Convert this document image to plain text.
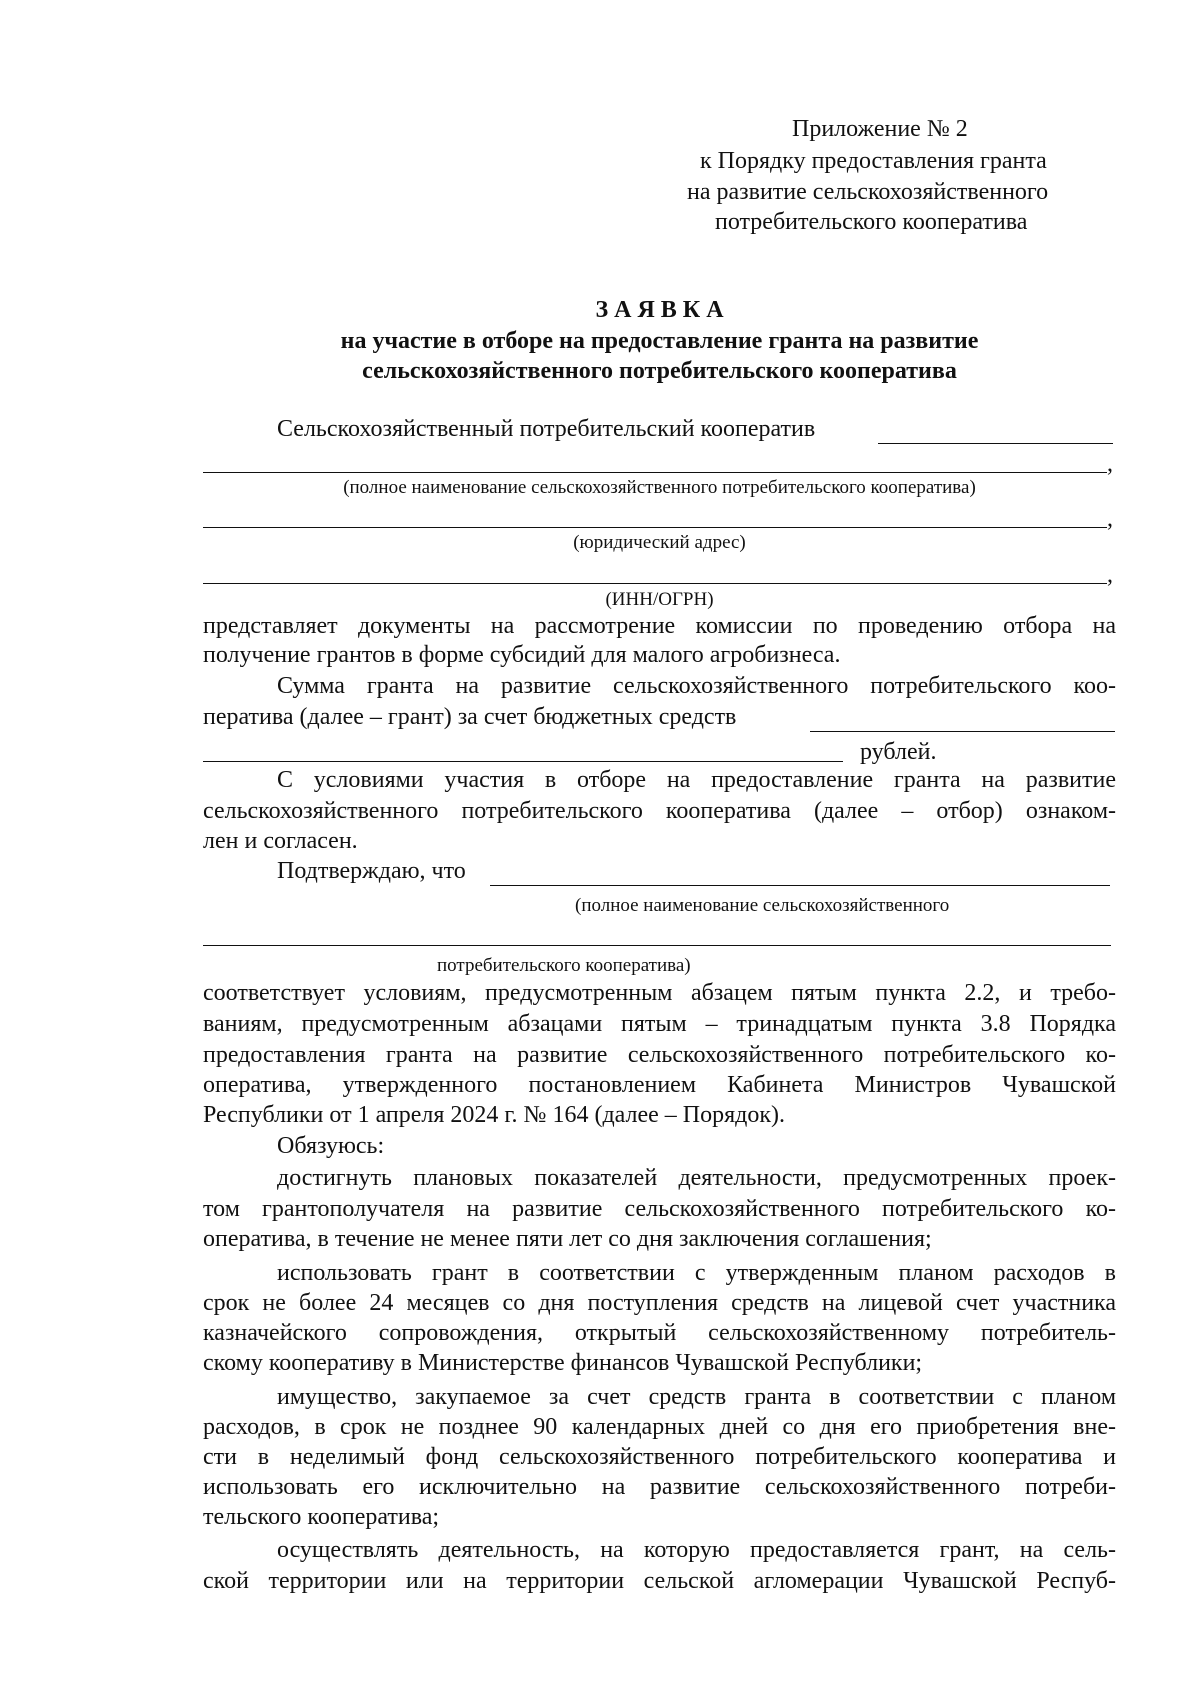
Приложение № 2
к Порядку предоставления гранта
на развитие сельскохозяйственного
потребительского кооператива
З А Я В К А
на участие в отборе на предоставление гранта на развитие
сельскохозяйственного потребительского кооператива
Сельскохозяйственный потребительский кооператив
,
(полное наименование сельскохозяйственного потребительского кооператива)
,
(юридический адрес)
,
(ИНН/ОГРН)
представляет документы на рассмотрение комиссии по проведению отбора на
получение грантов в форме субсидий для малого агробизнеса.
Сумма гранта на развитие сельскохозяйственного потребительского коо-
ператива (далее – грант) за счет бюджетных средств
рублей.
С условиями участия в отборе на предоставление гранта на развитие
сельскохозяйственного потребительского кооператива (далее – отбор) ознаком-
лен и согласен.
Подтверждаю, что
(полное наименование сельскохозяйственного
потребительского кооператива)
соответствует условиям, предусмотренным абзацем пятым пункта 2.2, и требо-
ваниям, предусмотренным абзацами пятым – тринадцатым пункта 3.8 Порядка
предоставления гранта на развитие сельскохозяйственного потребительского ко-
оператива, утвержденного постановлением Кабинета Министров Чувашской
Республики от 1 апреля 2024 г. № 164 (далее – Порядок).
Обязуюсь:
достигнуть плановых показателей деятельности, предусмотренных проек-
том грантополучателя на развитие сельскохозяйственного потребительского ко-
оператива, в течение не менее пяти лет со дня заключения соглашения;
использовать грант в соответствии с утвержденным планом расходов в
срок не более 24 месяцев со дня поступления средств на лицевой счет участника
казначейского сопровождения, открытый сельскохозяйственному потребитель-
скому кооперативу в Министерстве финансов Чувашской Республики;
имущество, закупаемое за счет средств гранта в соответствии с планом
расходов, в срок не позднее 90 календарных дней со дня его приобретения вне-
сти в неделимый фонд сельскохозяйственного потребительского кооператива и
использовать его исключительно на развитие сельскохозяйственного потреби-
тельского кооператива;
осуществлять деятельность, на которую предоставляется грант, на сель-
ской территории или на территории сельской агломерации Чувашской Респуб-
